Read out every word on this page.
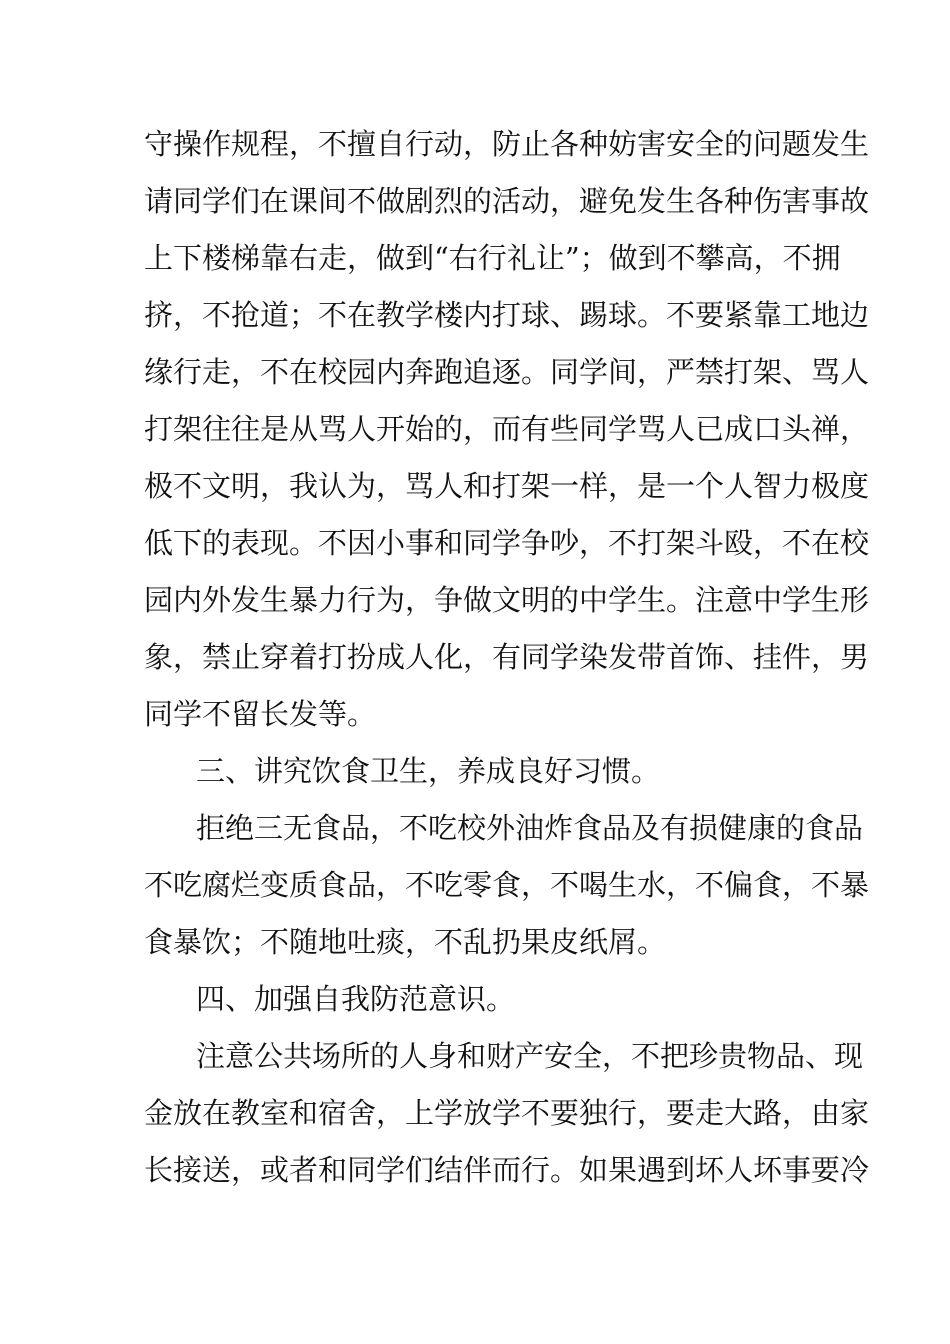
守操作规程，不擅自行动，防止各种妨害安全的问题发生
请同学们在课间不做剧烈的活动，避免发生各种伤害事故
上下楼梯靠右走，做到“右行礼让”；做到不攀高，不拥
挤，不抢道；不在教学楼内打球、踢球。不要紧靠工地边
缘行走，不在校园内奔跑追逐。同学间，严禁打架、骂人
打架往往是从骂人开始的，而有些同学骂人已成口头禅，
极不文明，我认为，骂人和打架一样，是一个人智力极度
低下的表现。不因小事和同学争吵，不打架斗殴，不在校
园内外发生暴力行为，争做文明的中学生。注意中学生形
象，禁止穿着打扮成人化，有同学染发带首饰、挂件，男
同学不留长发等。
三、讲究饮食卫生，养成良好习惯。
拒绝三无食品，不吃校外油炸食品及有损健康的食品
不吃腐烂变质食品，不吃零食，不喝生水，不偏食，不暴
食暴饮；不随地吐痰，不乱扔果皮纸屑。
四、加强自我防范意识。
注意公共场所的人身和财产安全，不把珍贵物品、现
金放在教室和宿舍，上学放学不要独行，要走大路，由家
长接送，或者和同学们结伴而行。如果遇到坏人坏事要冷
